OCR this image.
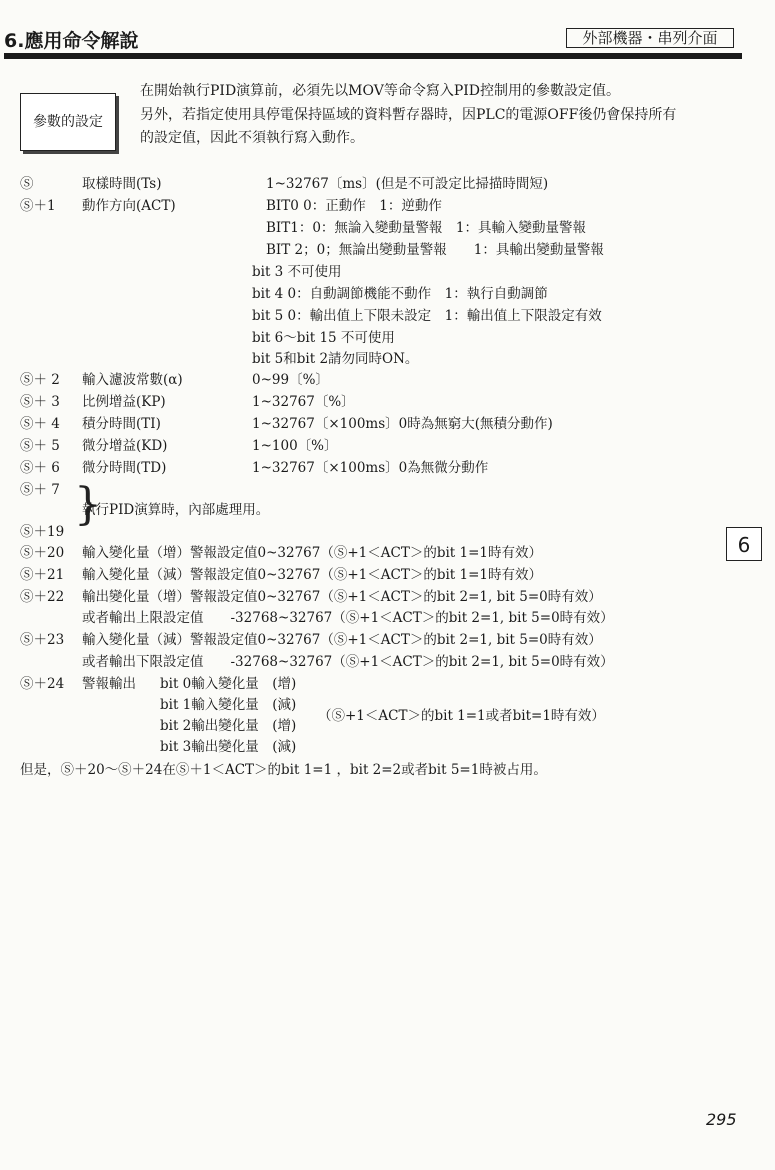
6.應用命令解說	外部機器・串列介面
參數的設定
在開始執行PID演算前，必須先以MOV等命令寫入PID控制用的參數設定值。
另外，若指定使用具停電保持區域的資料暫存器時，因PLC的電源OFF後仍會保持所有
的設定值，因此不須執行寫入動作。
Ⓢ	取樣時間(Ts)	1~32767〔ms〕(但是不可設定比掃描時間短)
Ⓢ＋1 動作方向(ACT)	BIT0 0：正動作　1：逆動作
BIT1：0：無論入變動量警報　1：具輸入變動量警報
BIT 2；0；無論出變動量警報　　1：具輸出變動量警報
bit 3 不可使用
bit 4 0：自動調節機能不動作　1：執行自動調節
bit 5 0：輸出值上下限未設定　1：輸出值上下限設定有效
bit 6～bit 15 不可使用
bit 5和bit 2請勿同時ON。
Ⓢ＋ 2 輸入濾波常數(α)	0~99〔%〕
Ⓢ＋ 3 比例增益(KP)	1~32767〔%〕
Ⓢ＋ 4 積分時間(TI)	1~32767〔×100ms〕0時為無窮大(無積分動作)
Ⓢ＋ 5 微分增益(KD)	1~100〔%〕
Ⓢ＋ 6 微分時間(TD)	1~32767〔×100ms〕0為無微分動作
Ⓢ＋ 7 }
執行PID演算時，內部處理用。
Ⓢ＋19
Ⓢ＋20 輸入變化量（增）警報設定值0~32767（Ⓢ+1＜ACT＞的bit 1=1時有效）
Ⓢ＋21 輸入變化量（減）警報設定值0~32767（Ⓢ+1＜ACT＞的bit 1=1時有效）
Ⓢ＋22 輸出變化量（增）警報設定值0~32767（Ⓢ+1＜ACT＞的bit 2=1, bit 5=0時有效）
或者輸出上限設定值　　-32768~32767（Ⓢ+1＜ACT＞的bit 2=1, bit 5=0時有效）
Ⓢ＋23 輸入變化量（減）警報設定值0~32767（Ⓢ+1＜ACT＞的bit 2=1, bit 5=0時有效）
或者輸出下限設定值　　-32768~32767（Ⓢ+1＜ACT＞的bit 2=1, bit 5=0時有效）
Ⓢ＋24 警報輸出 bit 0輸入變化量　(增)
bit 1輸入變化量　(減)
bit 2輸出變化量　(增)
bit 3輸出變化量　(減)
（Ⓢ+1＜ACT＞的bit 1=1或者bit=1時有效）
但是，Ⓢ＋20～Ⓢ＋24在Ⓢ＋1＜ACT＞的bit 1=1 ，bit 2=2或者bit 5=1時被占用。
6
295
